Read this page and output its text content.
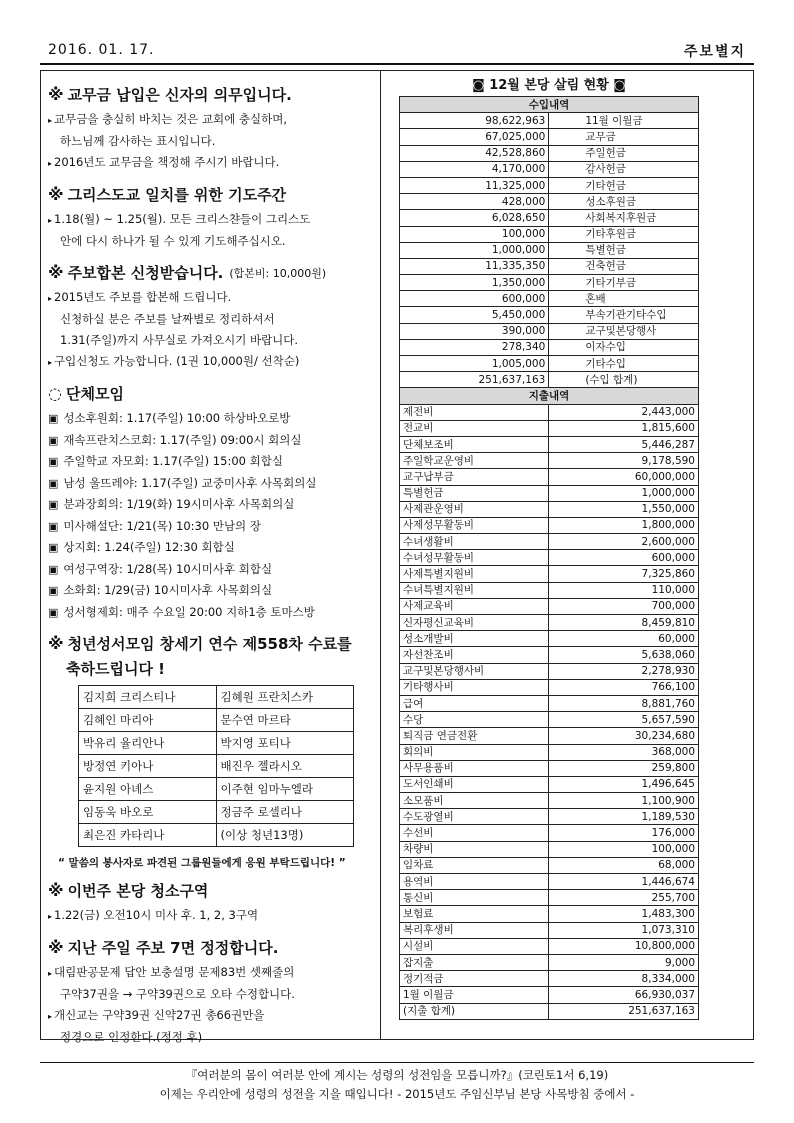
2016. 01. 17.	주보별지
※ 교무금 납입은 신자의 의무입니다.
▸ 교무금을 충실히 바치는 것은 교회에 충실하며,
하느님께 감사하는 표시입니다.
▸ 2016년도 교무금을 책정해 주시기 바랍니다.
※ 그리스도교 일치를 위한 기도주간
▸ 1.18(월) ~ 1.25(월). 모든 크리스챤들이 그리스도
안에 다시 하나가 될 수 있게 기도해주십시오.
※ 주보합본 신청받습니다. (합본비: 10,000원)
▸ 2015년도 주보를 합본해 드립니다.
신청하실 분은 주보를 날짜별로 정리하셔서
1.31(주일)까지 사무실로 가져오시기 바랍니다.
▸ 구입신청도 가능합니다. (1권 10,000원/ 선착순)
◌ 단체모임
▣ 성소후원회: 1.17(주일) 10:00 하상바오로방
▣ 재속프란치스코회: 1.17(주일) 09:00시 회의실
▣ 주일학교 자모회: 1.17(주일) 15:00 회합실
▣ 남성 울뜨레야: 1.17(주일) 교중미사후 사목회의실
▣ 분과장회의: 1/19(화) 19시미사후 사목회의실
▣ 미사해설단: 1/21(목) 10:30 만남의 장
▣ 상지회: 1.24(주일) 12:30 회합실
▣ 여성구역장: 1/28(목) 10시미사후 회합실
▣ 소화회: 1/29(금) 10시미사후 사목회의실
▣ 성서형제회: 매주 수요일 20:00 지하1층 토마스방
※ 청년성서모임 창세기 연수 제558차 수료를
축하드립니다 !
김지희 크리스티나	김혜원 프란치스카
김혜인 마리아	문수연 마르타
박유리 율리안나	박지영 포티나
방정연 키아나	배진우 젤라시오
윤지원 아녜스	이주현 임마누엘라
임동욱 바오로	정금주 로셀리나
최은진 카타리나	(이상 청년13명)
“ 말씀의 봉사자로 파견된 그룹원들에게 응원 부탁드립니다! ”
※ 이번주 본당 청소구역
▸ 1.22(금) 오전10시 미사 후. 1, 2, 3구역
※ 지난 주일 주보 7면 정정합니다.
▸ 대림판공문제 답안 보충설명 문제83번 셋째줄의
구약37권을 → 구약39권으로 오타 수정합니다.
▸ 개신교는 구약39권 신약27권 총66권만을
정경으로 인정한다.(정정 후)
◙ 12월 본당 살림 현황 ◙
수입내역	
98,622,963	11월 이월금
67,025,000	교무금
42,528,860	주일헌금
4,170,000	감사헌금
11,325,000	기타헌금
428,000	성소후원금
6,028,650	사회복지후원금
100,000	기타후원금
1,000,000	특별헌금
11,335,350	건축헌금
1,350,000	기타기부금
600,000	혼배
5,450,000	부속기관기타수입
390,000	교구및본당행사
278,340	이자수입
1,005,000	기타수입
251,637,163	(수입 합계)
지출내역	
제전비	2,443,000
전교비	1,815,600
단체보조비	5,446,287
주일학교운영비	9,178,590
교구납부금	60,000,000
특별헌금	1,000,000
사제관운영비	1,550,000
사제성무활동비	1,800,000
수녀생활비	2,600,000
수녀성무활동비	600,000
사제특별지원비	7,325,860
수녀특별지원비	110,000
사제교육비	700,000
신자평신교육비	8,459,810
성소개발비	60,000
자선찬조비	5,638,060
교구및본당행사비	2,278,930
기타행사비	766,100
급여	8,881,760
수당	5,657,590
퇴직금 연금전환	30,234,680
회의비	368,000
사무용품비	259,800
도서인쇄비	1,496,645
소모품비	1,100,900
수도광열비	1,189,530
수선비	176,000
차량비	100,000
임차료	68,000
용역비	1,446,674
통신비	255,700
보험료	1,483,300
복리후생비	1,073,310
시설비	10,800,000
잡지출	9,000
정기적금	8,334,000
1월 이월금	66,930,037
(지출 합계)	251,637,163
『여러분의 몸이 여러분 안에 계시는 성령의 성전임을 모릅니까?』(코린토1서 6,19)
이제는 우리안에 성령의 성전을 지을 때입니다! - 2015년도 주임신부님 본당 사목방침 중에서 -
